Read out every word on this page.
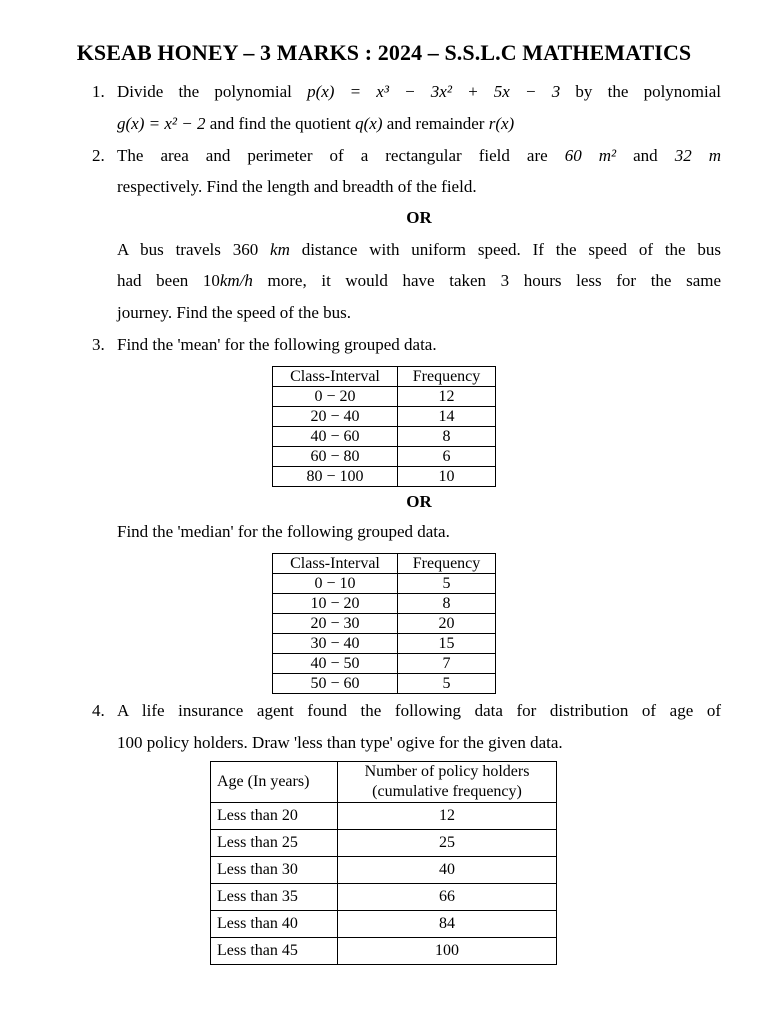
KSEAB HONEY – 3 MARKS : 2024 – S.S.L.C MATHEMATICS
1. Divide the polynomial p(x) = x³ − 3x² + 5x − 3 by the polynomial
g(x) = x² − 2 and find the quotient q(x) and remainder r(x)
2. The area and perimeter of a rectangular field are 60 m² and 32 m
respectively. Find the length and breadth of the field.
OR
A bus travels 360 km distance with uniform speed. If the speed of the bus
had been 10km/h more, it would have taken 3 hours less for the same
journey. Find the speed of the bus.
3. Find the 'mean' for the following grouped data.
Class-Interval	Frequency
0 − 20	12
20 − 40	14
40 − 60	8
60 − 80	6
80 − 100	10
OR
Find the 'median' for the following grouped data.
Class-Interval	Frequency
0 − 10	5
10 − 20	8
20 − 30	20
30 − 40	15
40 − 50	7
50 − 60	5
4. A life insurance agent found the following data for distribution of age of
100 policy holders. Draw 'less than type' ogive for the given data.
Age (In years)	Number of policy holders
(cumulative frequency)
Less than 20	12
Less than 25	25
Less than 30	40
Less than 35	66
Less than 40	84
Less than 45	100
